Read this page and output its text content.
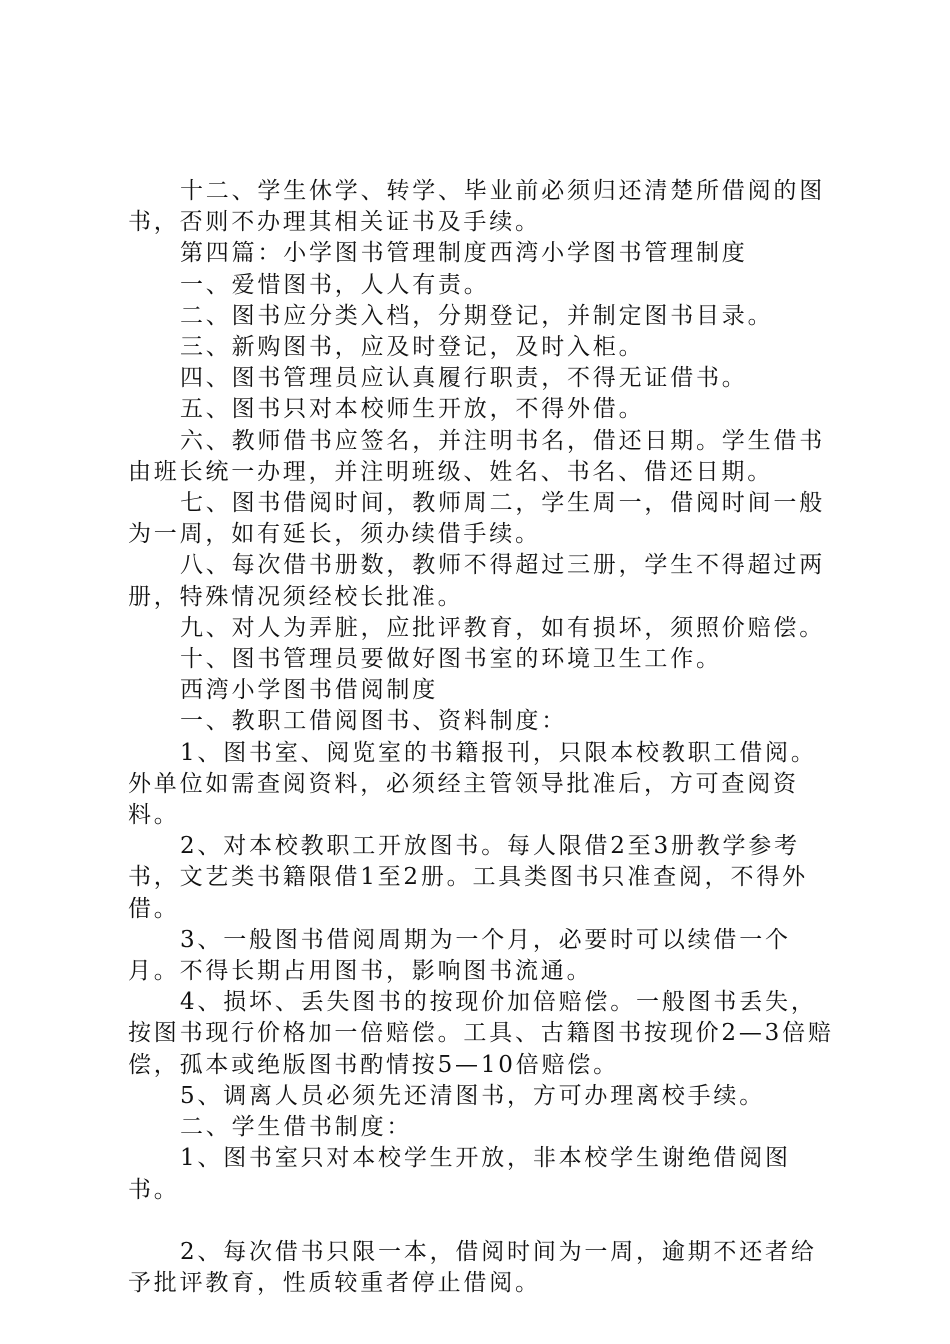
十二、学生休学、转学、毕业前必须归还清楚所借阅的图书，否则不办理其相关证书及手续。

第四篇：小学图书管理制度西湾小学图书管理制度

一、爱惜图书，人人有责。

二、图书应分类入档，分期登记，并制定图书目录。

三、新购图书，应及时登记，及时入柜。

四、图书管理员应认真履行职责，不得无证借书。

五、图书只对本校师生开放，不得外借。

六、教师借书应签名，并注明书名，借还日期。学生借书由班长统一办理，并注明班级、姓名、书名、借还日期。

七、图书借阅时间，教师周二，学生周一，借阅时间一般为一周，如有延长，须办续借手续。

八、每次借书册数，教师不得超过三册，学生不得超过两册，特殊情况须经校长批准。

九、对人为弄脏，应批评教育，如有损坏，须照价赔偿。

十、图书管理员要做好图书室的环境卫生工作。

西湾小学图书借阅制度

一、教职工借阅图书、资料制度：

1、图书室、阅览室的书籍报刊，只限本校教职工借阅。外单位如需查阅资料，必须经主管领导批准后，方可查阅资料。

2、对本校教职工开放图书。每人限借2至3册教学参考书，文艺类书籍限借1至2册。工具类图书只准查阅，不得外借。

3、一般图书借阅周期为一个月，必要时可以续借一个月。不得长期占用图书，影响图书流通。

4、损坏、丢失图书的按现价加倍赔偿。一般图书丢失，按图书现行价格加一倍赔偿。工具、古籍图书按现价2—3倍赔偿，孤本或绝版图书酌情按5—10倍赔偿。

5、调离人员必须先还清图书，方可办理离校手续。

二、学生借书制度：

1、图书室只对本校学生开放，非本校学生谢绝借阅图书。

2、每次借书只限一本，借阅时间为一周，逾期不还者给予批评教育，性质较重者停止借阅。
